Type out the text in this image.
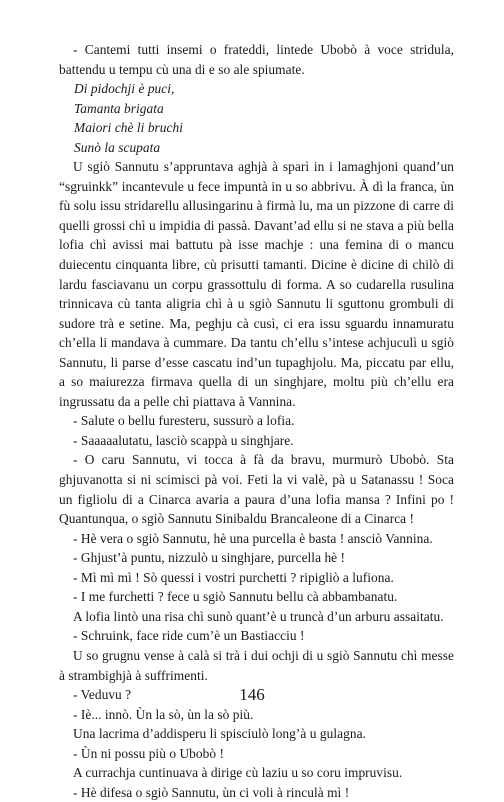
- Cantemi tutti insemi o frateddi, lintede Ubobò à voce stridula, battendu u tempu cù una di e so ale spiumate.

Di pidochji è puci,
Tamanta brigata
Maiori chè li bruchi
Sunò la scupata

U sgiò Sannutu s’appruntava aghjà à sparì in i lamaghjoni quand’un “sgruinkk” incantevule u fece impuntà in u so abbrivu. À dì la franca, ùn fù solu issu stridarellu allusingarinu à firmà lu, ma un pizzone di carre di quelli grossi chì u impidia di passà. Davant’ad ellu si ne stava a più bella lofia chì avissi mai battutu pà isse machje : una femina di o mancu duiecentu cinquanta libre, cù prisutti tamanti. Dicine è dicine di chilò di lardu fasciavanu un corpu grassottulu di forma. A so cudarella rusulina trinnicava cù tanta aligria chì à u sgiò Sannutu li sguttonu grombuli di sudore trà e setine. Ma, peghju cà cusì, ci era issu sguardu innamuratu ch’ella li mandava à cummare. Da tantu ch’ellu s’intese achjuculì u sgiò Sannutu, li parse d’esse cascatu ind’un tupaghjolu. Ma, piccatu par ellu, a so maiurezza firmava quella di un singhjare, moltu più ch’ellu era ingrussatu da a pelle chì piattava à Vannina.

- Salute o bellu furesteru, sussurò a lofia.

- Saaaaalutatu, lasciò scappà u singhjare.

- O caru Sannutu, vi tocca à fà da bravu, murmurò Ubobò. Sta ghjuvanotta si ni scimisci pà voi. Feti la vi valè, pà u Satanassu ! Soca un figliolu di a Cinarca avaria a paura d’una lofia mansa ? Infini po ! Quantunqua, o sgiò Sannutu Sinibaldu Brancaleone di a Cinarca !

- Hè vera o sgiò Sannutu, hè una purcella è basta ! ansciò Vannina.

- Ghjust’à puntu, nizzulò u singhjare, purcella hè !

- Mì mì mì ! Sò quessi i vostri purchetti ? ripigliò a lufiona.

- I me furchetti ? fece u sgiò Sannutu bellu cà abbambanatu.

A lofia lintò una risa chì sunò quant’è u truncà d’un arburu assaitatu.

- Schruink, face ride cum’è un Bastiacciu !

U so grugnu vense à calà si trà i dui ochji di u sgiò Sannutu chì messe à strambighjà à suffrimenti.

- Veduvu ?

- Iè... innò. Ùn la sò, ùn la sò più.

Una lacrima d’addisperu li spisciulò long’à u gulagna.

- Ùn ni possu più o Ubobò !

A currachja cuntinuava à dirige cù laziu u so coru impruvisu.

- Hè difesa o sgiò Sannutu, ùn ci voli à rinculà mì !

146
